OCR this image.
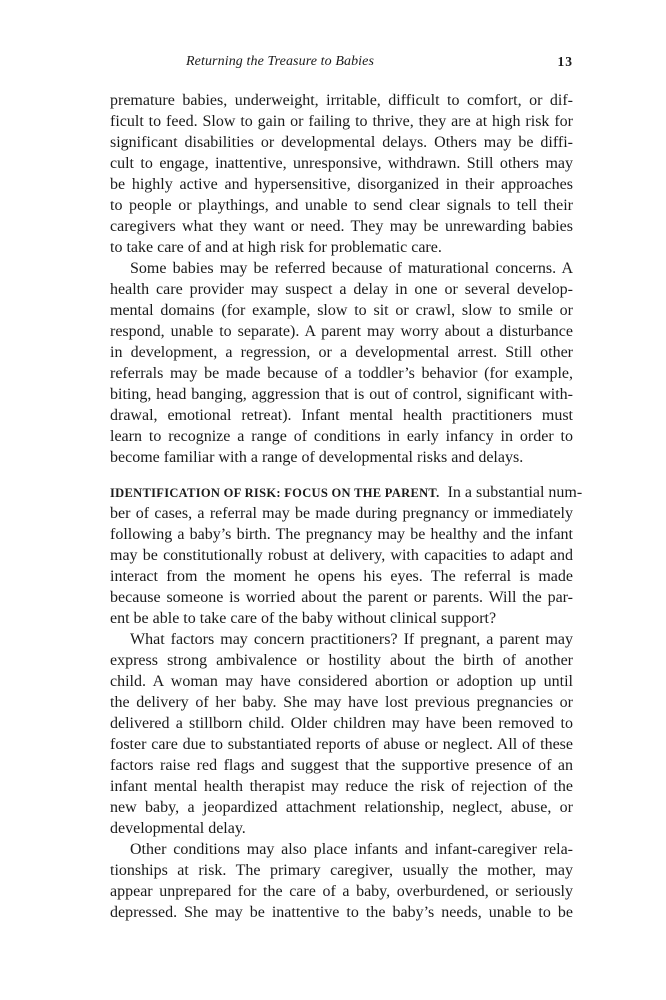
Returning the Treasure to Babies	13
premature babies, underweight, irritable, difficult to comfort, or dif-
ficult to feed. Slow to gain or failing to thrive, they are at high risk for
significant disabilities or developmental delays. Others may be diffi-
cult to engage, inattentive, unresponsive, withdrawn. Still others may
be highly active and hypersensitive, disorganized in their approaches
to people or playthings, and unable to send clear signals to tell their
caregivers what they want or need. They may be unrewarding babies
to take care of and at high risk for problematic care.
Some babies may be referred because of maturational concerns. A
health care provider may suspect a delay in one or several develop-
mental domains (for example, slow to sit or crawl, slow to smile or
respond, unable to separate). A parent may worry about a disturbance
in development, a regression, or a developmental arrest. Still other
referrals may be made because of a toddler’s behavior (for example,
biting, head banging, aggression that is out of control, significant with-
drawal, emotional retreat). Infant mental health practitioners must
learn to recognize a range of conditions in early infancy in order to
become familiar with a range of developmental risks and delays.
IDENTIFICATION OF RISK: FOCUS ON THE PARENT. In a substantial num-
ber of cases, a referral may be made during pregnancy or immediately
following a baby’s birth. The pregnancy may be healthy and the infant
may be constitutionally robust at delivery, with capacities to adapt and
interact from the moment he opens his eyes. The referral is made
because someone is worried about the parent or parents. Will the par-
ent be able to take care of the baby without clinical support?
What factors may concern practitioners? If pregnant, a parent may
express strong ambivalence or hostility about the birth of another
child. A woman may have considered abortion or adoption up until
the delivery of her baby. She may have lost previous pregnancies or
delivered a stillborn child. Older children may have been removed to
foster care due to substantiated reports of abuse or neglect. All of these
factors raise red flags and suggest that the supportive presence of an
infant mental health therapist may reduce the risk of rejection of the
new baby, a jeopardized attachment relationship, neglect, abuse, or
developmental delay.
Other conditions may also place infants and infant-caregiver rela-
tionships at risk. The primary caregiver, usually the mother, may
appear unprepared for the care of a baby, overburdened, or seriously
depressed. She may be inattentive to the baby’s needs, unable to be
